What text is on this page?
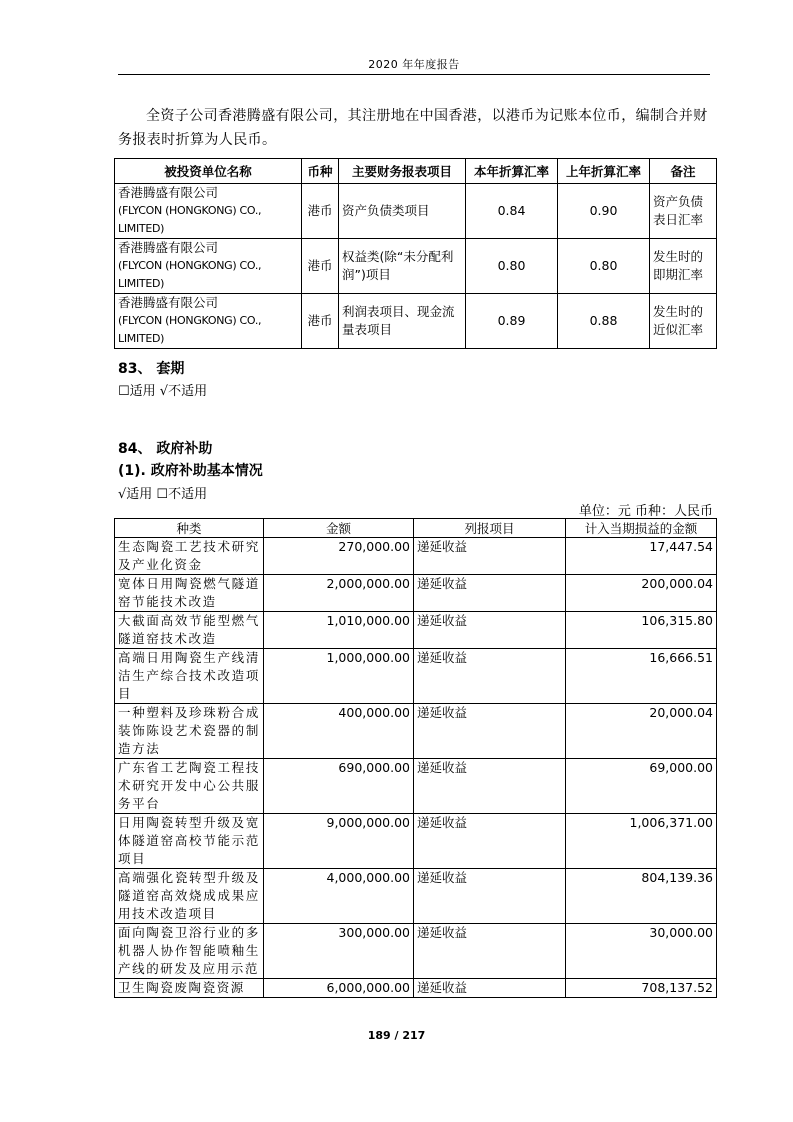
2020 年年度报告
全资子公司香港腾盛有限公司，其注册地在中国香港，以港币为记账本位币，编制合并财务报表时折算为人民币。
被投资单位名称	币种	主要财务报表项目	本年折算汇率	上年折算汇率	备注

香港腾盛有限公司
(FLYCON (HONGKONG) CO., LIMITED)	港币	资产负债类项目	0.84	0.90	资产负债表日汇率

香港腾盛有限公司
(FLYCON (HONGKONG) CO., LIMITED)	港币	权益类(除“未分配利润”)项目	0.80	0.80	发生时的即期汇率

香港腾盛有限公司
(FLYCON (HONGKONG) CO., LIMITED)	港币	利润表项目、现金流量表项目	0.89	0.88	发生时的近似汇率
83、 套期
☐适用 √不适用
84、 政府补助
(1). 政府补助基本情况
√适用 ☐不适用
单位：元 币种：人民币
种类	金额	列报项目	计入当期损益的金额
生态陶瓷工艺技术研究及产业化资金	270,000.00	递延收益	17,447.54
宽体日用陶瓷燃气隧道窑节能技术改造	2,000,000.00	递延收益	200,000.04
大截面高效节能型燃气隧道窑技术改造	1,010,000.00	递延收益	106,315.80
高端日用陶瓷生产线清洁生产综合技术改造项目	1,000,000.00	递延收益	16,666.51
一种塑料及珍珠粉合成装饰陈设艺术瓷器的制造方法	400,000.00	递延收益	20,000.04
广东省工艺陶瓷工程技术研究开发中心公共服务平台	690,000.00	递延收益	69,000.00
日用陶瓷转型升级及宽体隧道窑高校节能示范项目	9,000,000.00	递延收益	1,006,371.00
高端强化瓷转型升级及隧道窑高效烧成成果应用技术改造项目	4,000,000.00	递延收益	804,139.36
面向陶瓷卫浴行业的多机器人协作智能喷釉生产线的研发及应用示范	300,000.00	递延收益	30,000.00
卫生陶瓷废陶瓷资源	6,000,000.00	递延收益	708,137.52
189 / 217
